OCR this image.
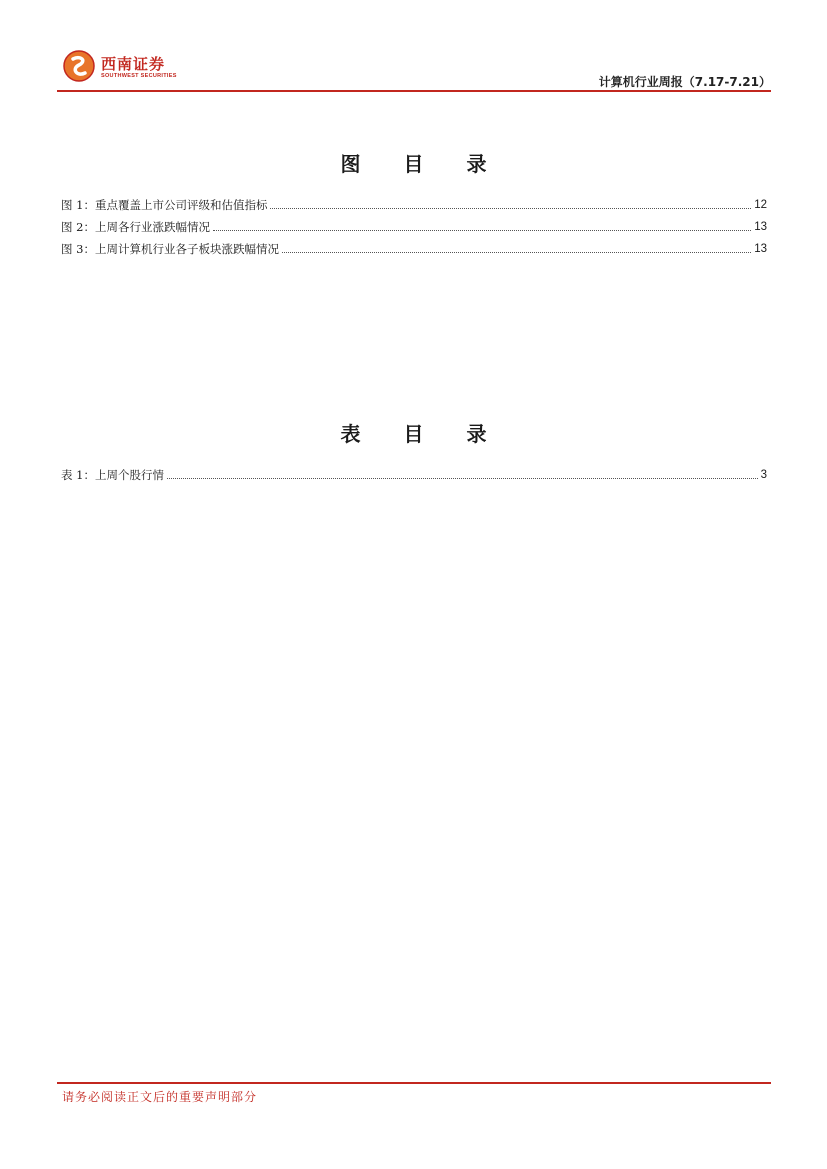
西南证券
SOUTHWEST SECURITIES	计算机行业周报（7.17-7.21）
图 目 录
图 1：重点覆盖上市公司评级和估值指标	12
图 2：上周各行业涨跌幅情况	13
图 3：上周计算机行业各子板块涨跌幅情况	13
表 目 录
表 1：上周个股行情	3
请务必阅读正文后的重要声明部分
